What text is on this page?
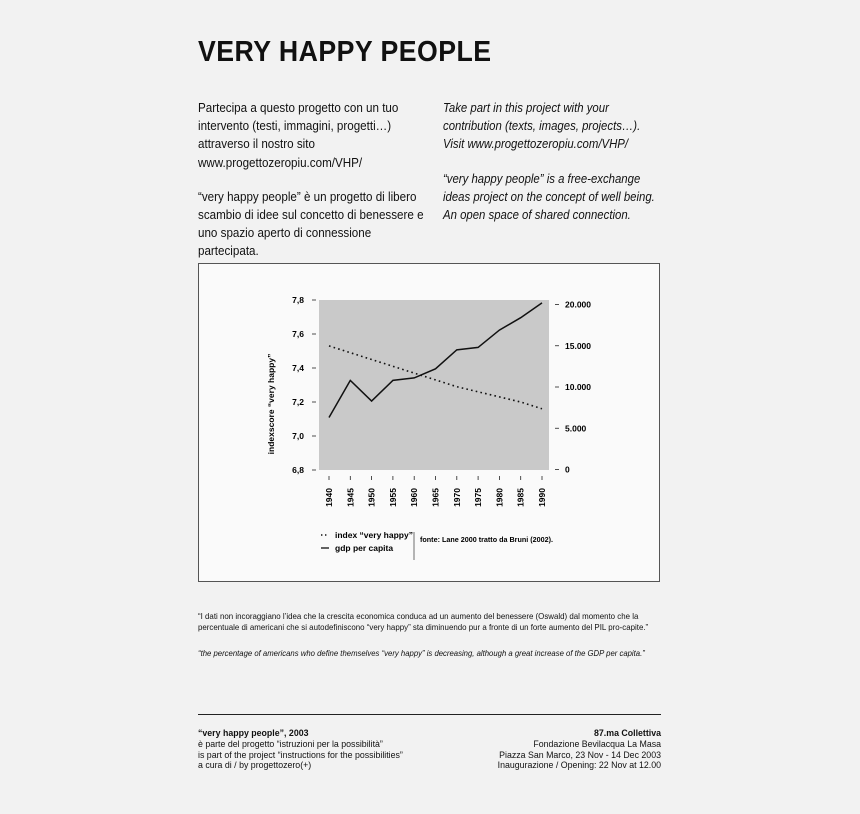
VERY HAPPY PEOPLE

Partecipa a questo progetto con un tuo intervento (testi, immagini, progetti…) attraverso il nostro sito www.progettozeropiu.com/VHP/

“very happy people” è un progetto di libero scambio di idee sul concetto di benessere e uno spazio aperto di connessione partecipata.

Take part in this project with your contribution (texts, images, projects…). Visit www.progettozeropiu.com/VHP/

“very happy people” is a free-exchange ideas project on the concept of well being. An open space of shared connection.

7,8
7,6
7,4
7,2
7,0
6,8
20.000
15.000
10.000
5.000
0
1940 1945 1950 1955 1960 1965 1970 1975 1980 1985 1990
indexscore “very happy”
index “very happy”
gdp per capita
fonte: Lane 2000 tratto da Bruni (2002).

“I dati non incoraggiano l’idea che la crescita economica conduca ad un aumento del benessere (Oswald) dal momento che la percentuale di americani che si autodefiniscono “very happy” sta diminuendo pur a fronte di un forte aumento del PIL pro-capite.”

“the percentage of americans who define themselves “very happy” is decreasing, although a great increase of the GDP per capita.”

“very happy people”, 2003
è parte del progetto “istruzioni per la possibilità”
is part of the project “instructions for the possibilities”
a cura di / by progettozero(+)
87.ma Collettiva
Fondazione Bevilacqua La Masa
Piazza San Marco, 23 Nov - 14 Dec 2003
Inaugurazione / Opening: 22 Nov at 12.00
